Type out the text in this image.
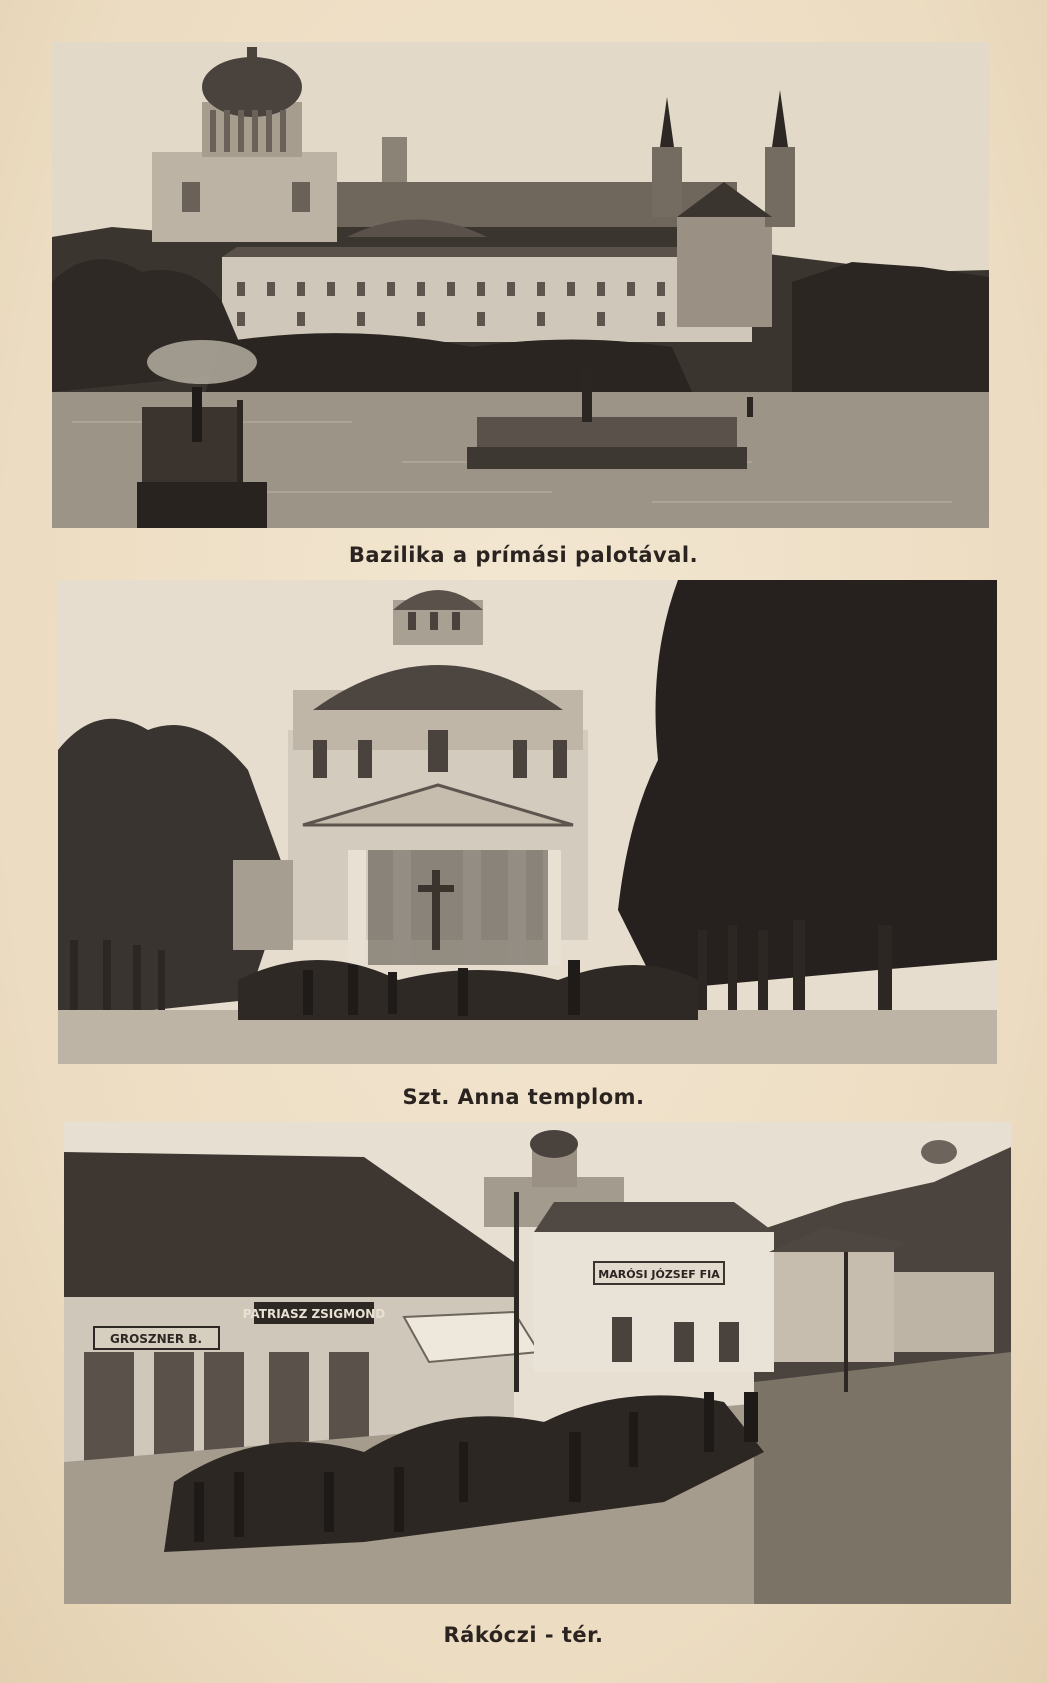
Bazilika a prímási palotával.
Szt. Anna templom.
PATRIASZ ZSIGMOND
GROSZNER B.
MARÓSI JÓZSEF FIA
Rákóczi - tér.
